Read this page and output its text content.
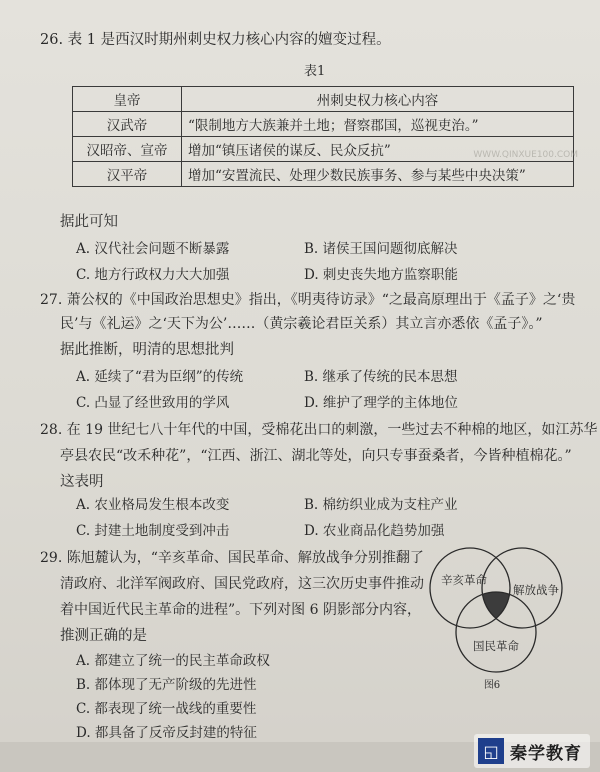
26. 表 1 是西汉时期州刺史权力核心内容的嬗变过程。
表1
皇帝	州刺史权力核心内容
汉武帝	“限制地方大族兼并土地；督察郡国，巡视吏治。”
汉昭帝、宣帝	增加“镇压诸侯的谋反、民众反抗”
汉平帝	增加“安置流民、处理少数民族事务、参与某些中央决策”
据此可知
A. 汉代社会问题不断暴露	B. 诸侯王国问题彻底解决
C. 地方行政权力大大加强	D. 刺史丧失地方监察职能
27. 萧公权的《中国政治思想史》指出，《明夷待访录》“之最高原理出于《孟子》之‘贵
民’与《礼运》之‘天下为公’……（黄宗羲论君臣关系）其立言亦悉依《孟子》。”
据此推断，明清的思想批判
A. 延续了“君为臣纲”的传统	B. 继承了传统的民本思想
C. 凸显了经世致用的学风	D. 维护了理学的主体地位
28. 在 19 世纪七八十年代的中国，受棉花出口的刺激，一些过去不种棉的地区，如江苏华
亭县农民“改禾种花”，“江西、浙江、湖北等处，向只专事蚕桑者，今皆种植棉花。”
这表明
A. 农业格局发生根本改变	B. 棉纺织业成为支柱产业
C. 封建土地制度受到冲击	D. 农业商品化趋势加强
29. 陈旭麓认为，“辛亥革命、国民革命、解放战争分别推翻了
清政府、北洋军阀政府、国民党政府，这三次历史事件推动
着中国近代民主革命的进程”。下列对图 6 阴影部分内容，
推测正确的是
A. 都建立了统一的民主革命政权
B. 都体现了无产阶级的先进性
C. 都表现了统一战线的重要性
D. 都具备了反帝反封建的特征
辛亥革命
解放战争
国民革命
图6
WWW.QINXUE100.COM
◱ 秦学教育
